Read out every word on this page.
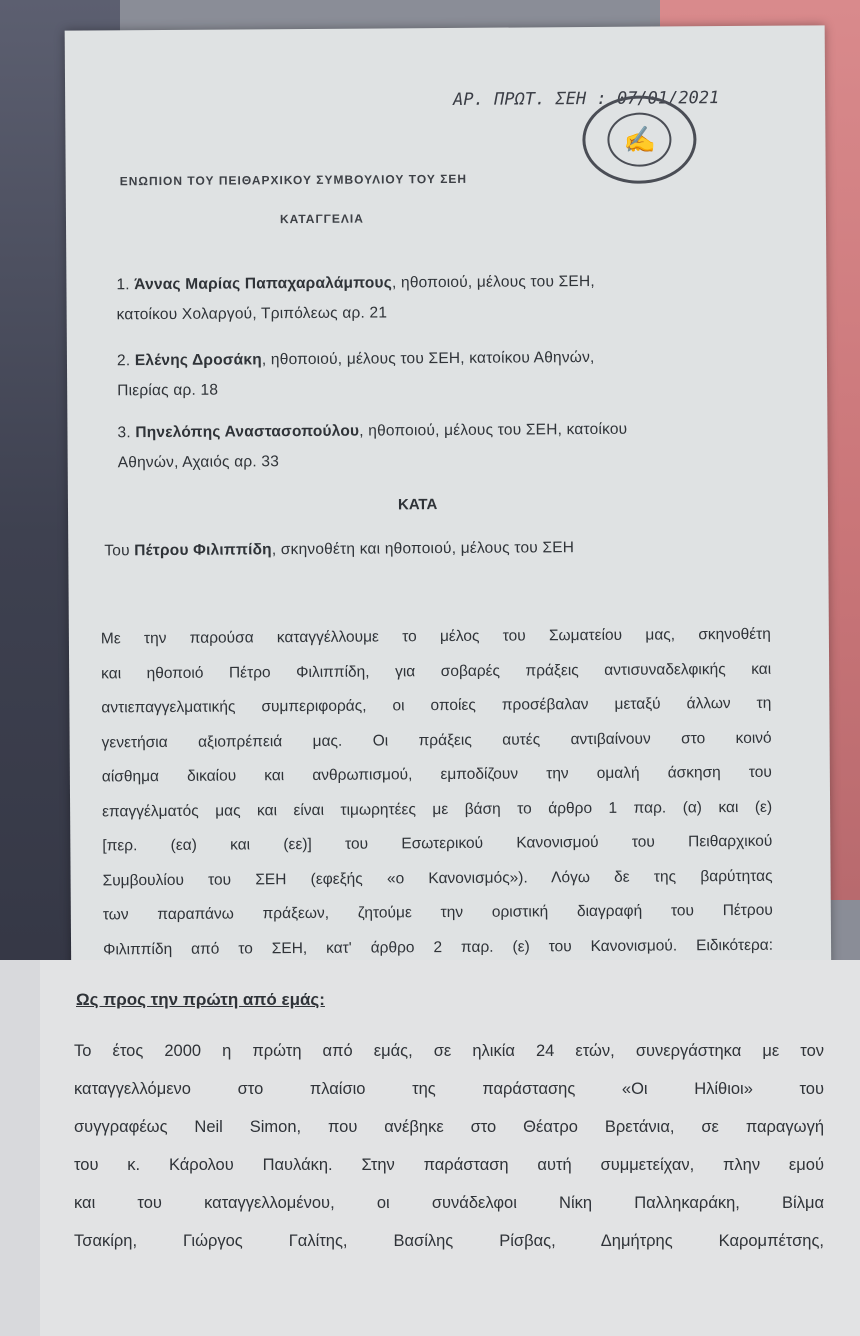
ΑΡ. ΠΡΩΤ. ΣΕΗ : 07/01/2021
✍
ΕΝΩΠΙΟΝ ΤΟΥ ΠΕΙΘΑΡΧΙΚΟΥ ΣΥΜΒΟΥΛΙΟΥ ΤΟΥ ΣΕΗ
ΚΑΤΑΓΓΕΛΙΑ
1. Άννας Μαρίας Παπαχαραλάμπους, ηθοποιού, μέλους του ΣΕΗ,
κατοίκου Χολαργού, Τριπόλεως αρ. 21
2. Ελένης Δροσάκη, ηθοποιού, μέλους του ΣΕΗ, κατοίκου Αθηνών,
Πιερίας αρ. 18
3. Πηνελόπης Αναστασοπούλου, ηθοποιού, μέλους του ΣΕΗ, κατοίκου
Αθηνών, Αχαιός αρ. 33
ΚΑΤΑ
Του Πέτρου Φιλιππίδη, σκηνοθέτη και ηθοποιού, μέλους του ΣΕΗ
Με την παρούσα καταγγέλλουμε το μέλος του Σωματείου μας, σκηνοθέτη
και ηθοποιό Πέτρο Φιλιππίδη, για σοβαρές πράξεις αντισυναδελφικής και
αντιεπαγγελματικής συμπεριφοράς, οι οποίες προσέβαλαν μεταξύ άλλων τη
γενετήσια αξιοπρέπειά μας. Οι πράξεις αυτές αντιβαίνουν στο κοινό
αίσθημα δικαίου και ανθρωπισμού, εμποδίζουν την ομαλή άσκηση του
επαγγέλματός μας και είναι τιμωρητέες με βάση το άρθρο 1 παρ. (α) και (ε)
[περ. (εα) και (εε)] του Εσωτερικού Κανονισμού του Πειθαρχικού
Συμβουλίου του ΣΕΗ (εφεξής «ο Κανονισμός»). Λόγω δε της βαρύτητας
των παραπάνω πράξεων, ζητούμε την οριστική διαγραφή του Πέτρου
Φιλιππίδη από το ΣΕΗ, κατ' άρθρο 2 παρ. (ε) του Κανονισμού. Ειδικότερα:
Ως προς την πρώτη από εμάς:
Το έτος 2000 η πρώτη από εμάς, σε ηλικία 24 ετών, συνεργάστηκα με τον
καταγγελλόμενο στο πλαίσιο της παράστασης «Οι Ηλίθιοι» του
συγγραφέως Neil Simon, που ανέβηκε στο Θέατρο Βρετάνια, σε παραγωγή
του κ. Κάρολου Παυλάκη. Στην παράσταση αυτή συμμετείχαν, πλην εμού
και του καταγγελλομένου, οι συνάδελφοι Νίκη Παλληκαράκη, Βίλμα
Τσακίρη, Γιώργος Γαλίτης, Βασίλης Ρίσβας, Δημήτρης Καρομπέτσης,
